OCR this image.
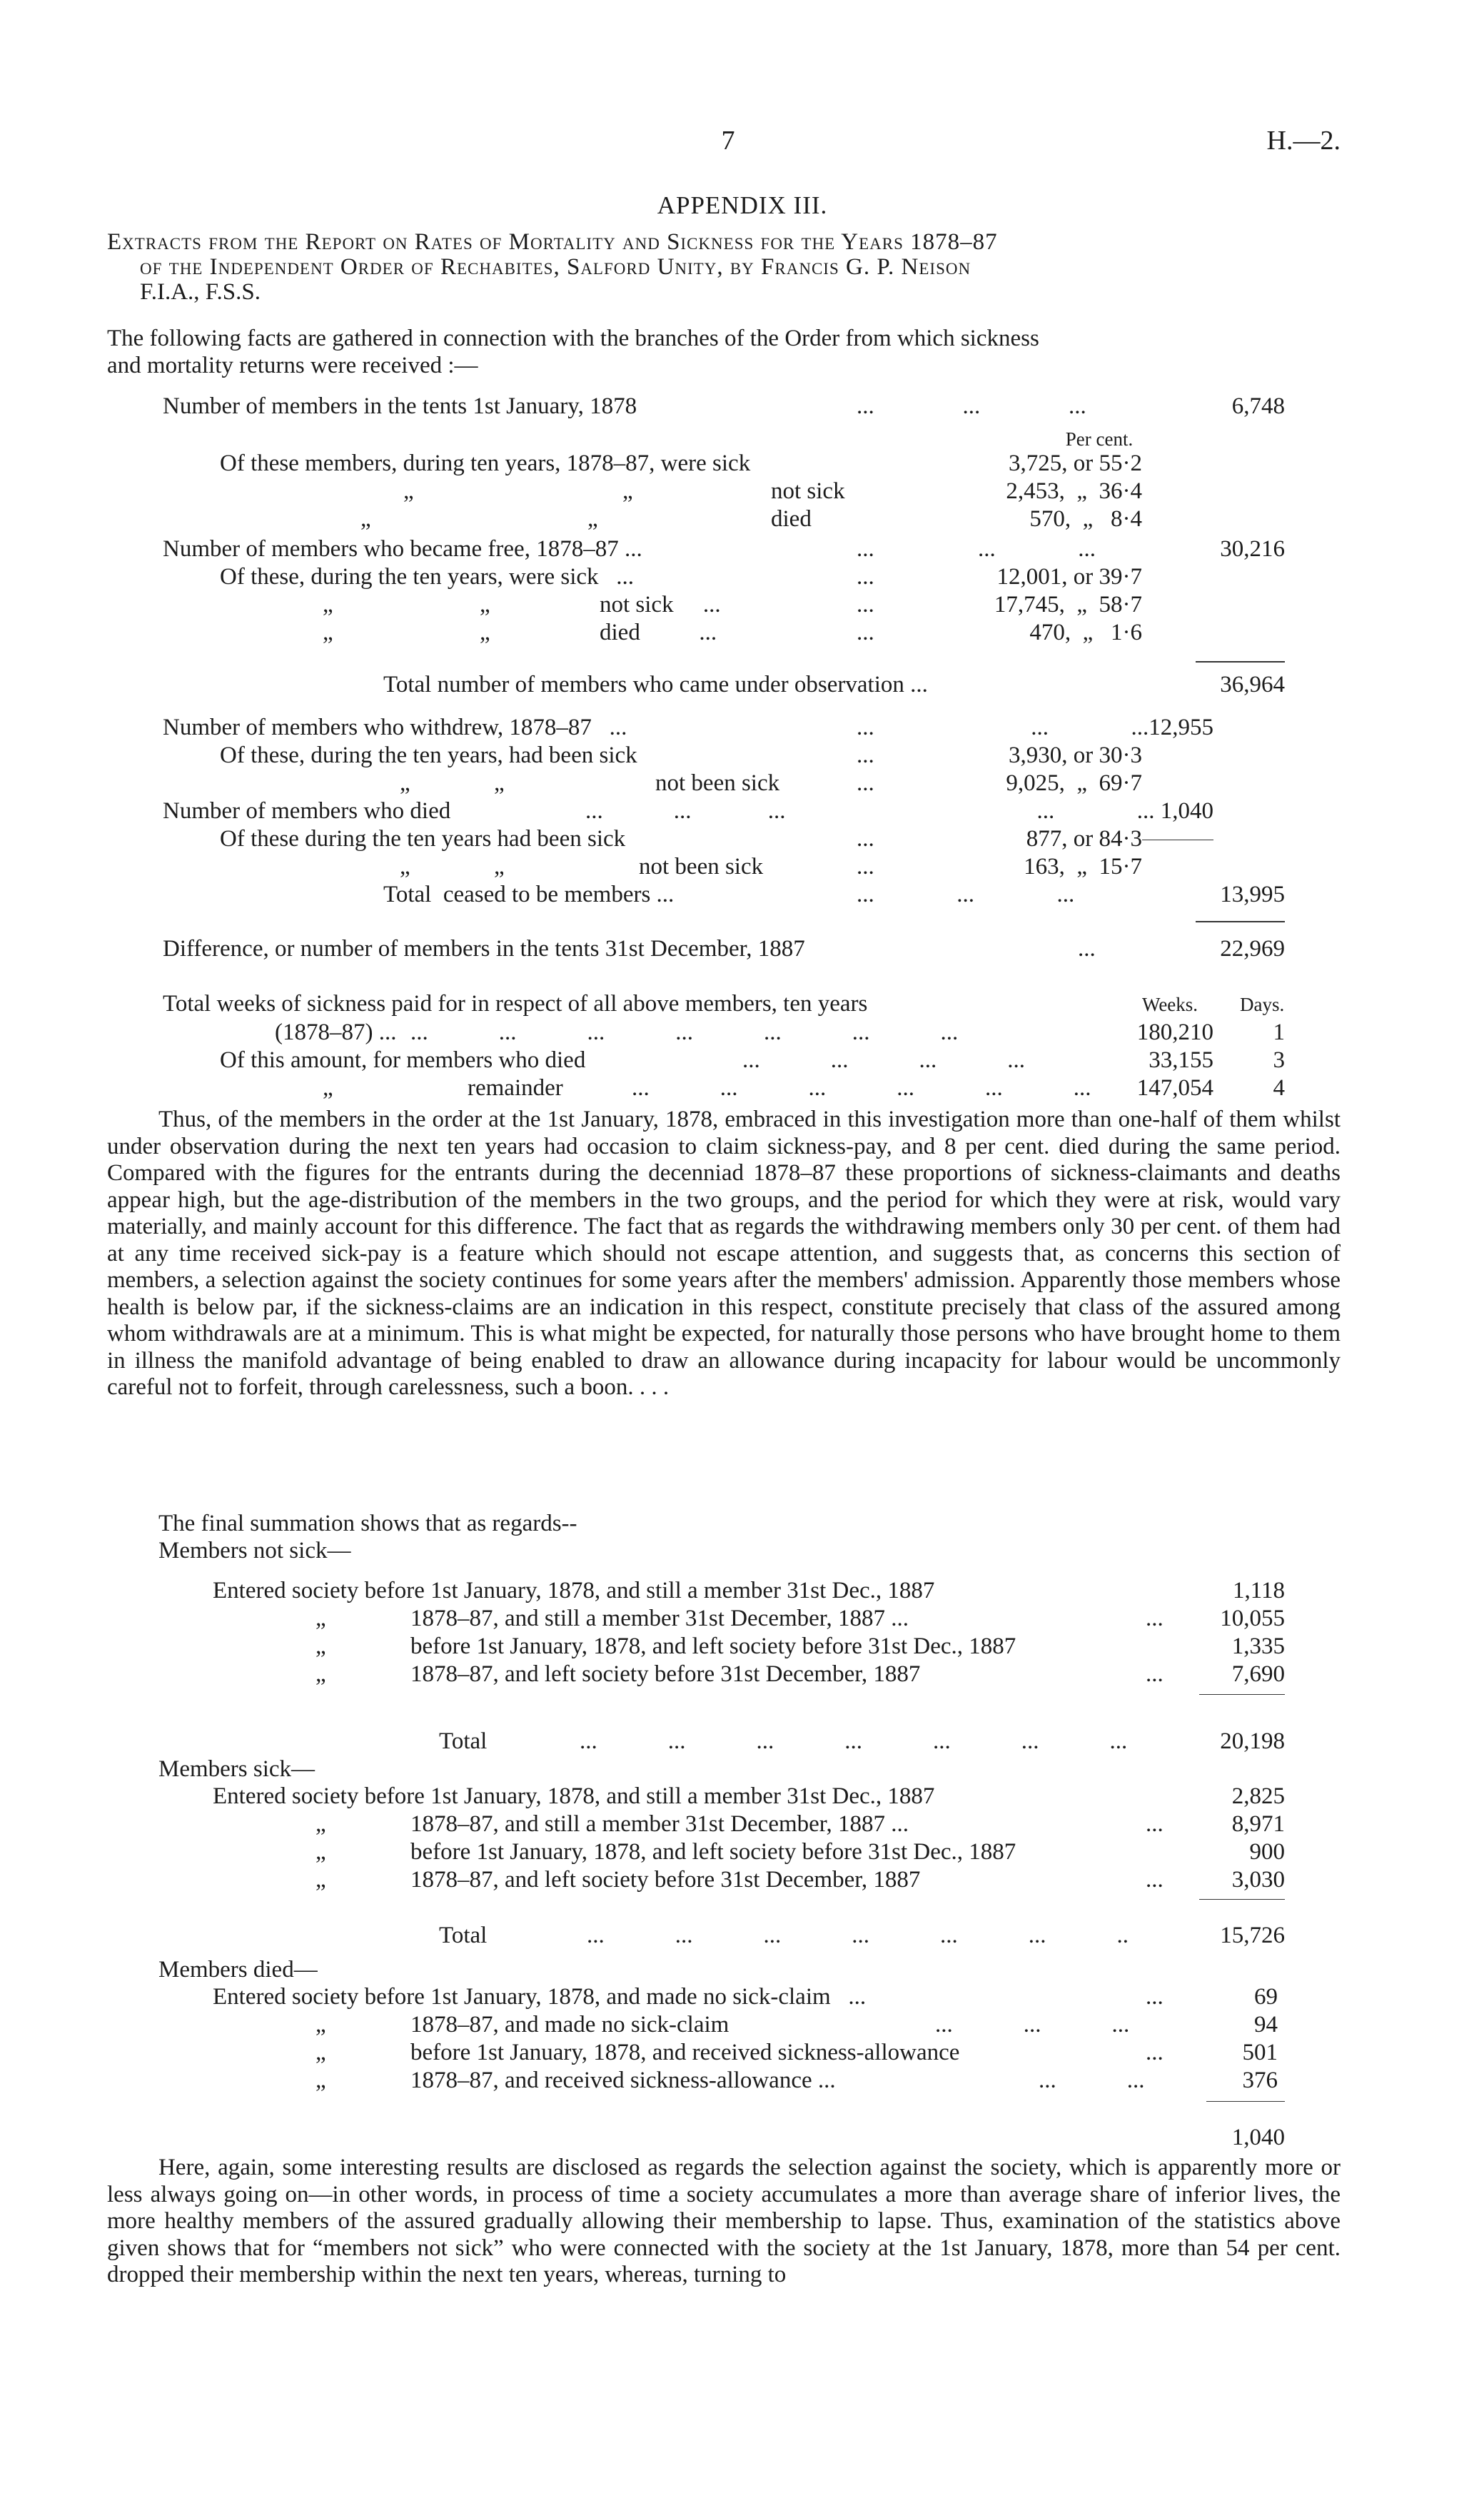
7	H.—2.
APPENDIX III.
Extracts from the Report on Rates of Mortality and Sickness for the Years 1878–87
of the Independent Order of Rechabites, Salford Unity, by Francis G. P. Neison
F.I.A., F.S.S.
The following facts are gathered in connection with the branches of the Order from which sickness
and mortality returns were received :—
Number of members in the tents 1st January, 1878	...               ...               ...	6,748
Per cent.
Of these members, during ten years, 1878–87, were sick	3,725, or 55·2
„	„	not sick	2,453,  „  36·4
„	„	died	570,  „   8·4
Number of members who became free, 1878–87 ...	...	...              ...	30,216
Of these, during the ten years, were sick   ...	...	12,001, or 39·7
„	„	not sick     ...	...	17,745,  „  58·7
„	„	died          ...	...	470,  „   1·6
Total number of members who came under observation ...	36,964
Number of members who withdrew, 1878–87   ...	...	...              ...12,955
Of these, during the ten years, had been sick	...	3,930, or 30·3
„	„	not been sick	...	9,025,  „  69·7
Number of members who died	...            ...             ...	...              ... 1,040
Of these during the ten years had been sick	...	877, or 84·3
„	„	not been sick	...	163,  „  15·7
Total  ceased to be members ...	...              ...              ...	13,995
Difference, or number of members in the tents 31st December, 1887	...	22,969
Total weeks of sickness paid for in respect of all above members, ten years	Weeks. Days.
(1878–87) ... ...            ...            ...            ...            ...            ...            ...	180,210	1
Of this amount, for members who died	...            ...            ...            ...	33,155	3
„	remainder	...            ...            ...            ...            ...            ...	147,054	4

Thus, of the members in the order at the 1st January, 1878, embraced in this investigation more than one-half of them whilst under observation during the next ten years had occasion to claim sickness-pay, and 8 per cent. died during the same period. Compared with the figures for the entrants during the decenniad 1878–87 these proportions of sickness-claimants and deaths appear high, but the age-distribution of the members in the two groups, and the period for which they were at risk, would vary materially, and mainly account for this difference. The fact that as regards the withdrawing members only 30 per cent. of them had at any time received sick-pay is a feature which should not escape attention, and suggests that, as concerns this section of members, a selection against the society continues for some years after the members' admission. Apparently those members whose health is below par, if the sickness-claims are an indication in this respect, constitute precisely that class of the assured among whom withdrawals are at a minimum. This is what might be expected, for naturally those persons who have brought home to them in illness the manifold advantage of being enabled to draw an allowance during incapacity for labour would be uncommonly careful not to forfeit, through carelessness, such a boon. . . .

The final summation shows that as regards--
Members not sick—
Entered society before 1st January, 1878, and still a member 31st Dec., 1887	1,118
„	1878–87, and still a member 31st December, 1887 ...	...	10,055
„	before 1st January, 1878, and left society before 31st Dec., 1887	1,335
„	1878–87, and left society before 31st December, 1887	...	7,690
Total	...            ...            ...            ...            ...            ...            ...	20,198
Members sick—
Entered society before 1st January, 1878, and still a member 31st Dec., 1887	2,825
„	1878–87, and still a member 31st December, 1887 ...	...	8,971
„	before 1st January, 1878, and left society before 31st Dec., 1887	900
„	1878–87, and left society before 31st December, 1887	...	3,030
Total	...            ...            ...            ...            ...            ...            ..	15,726
Members died—
Entered society before 1st January, 1878, and made no sick-claim   ...	...	69
„	1878–87, and made no sick-claim	...            ...            ...	94
„	before 1st January, 1878, and received sickness-allowance	...	501
„	1878–87, and received sickness-allowance ...	...            ...	376
1,040

Here, again, some interesting results are disclosed as regards the selection against the society, which is apparently more or less always going on—in other words, in process of time a society accumulates a more than average share of inferior lives, the more healthy members of the assured gradually allowing their membership to lapse. Thus, examination of the statistics above given shows that for “members not sick” who were connected with the society at the 1st January, 1878, more than 54 per cent. dropped their membership within the next ten years, whereas, turning to
